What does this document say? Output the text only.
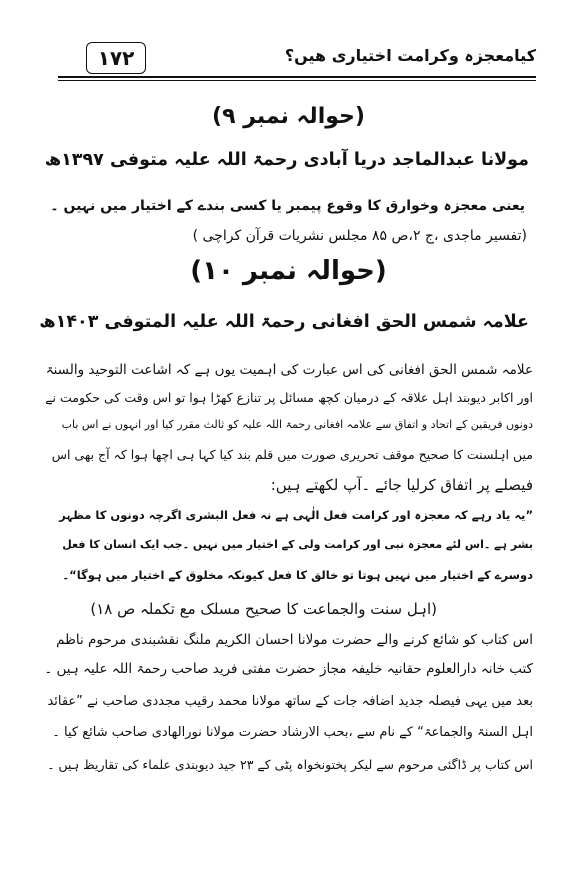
۱۷۲	کیامعجزہ وکرامت اختیاری ھیں؟
(حوالہ نمبر ۹)
مولانا عبدالماجد دریا آبادی رحمۃ اللہ علیہ متوفی ۱۳۹۷ھ
یعنی معجزہ وخوارق کا وقوع پیمبر یا کسی بندے کے اختیار میں نہیں ۔
(تفسیر ماجدی ،ج ۲،ص ۸۵ مجلس نشریات قرآن کراچی )
(حوالہ نمبر ۱۰)
علامہ شمس الحق افغانی رحمۃ اللہ علیہ المتوفی ۱۴۰۳ھ
علامہ شمس الحق افغانی کی اس عبارت کی اہمیت یوں ہے کہ اشاعت التوحید والسنۃ
اور اکابر دیوبند اہل علاقہ کے درمیان کچھ مسائل پر تنازع کھڑا ہوا تو اس وقت کی حکومت نے
دونوں فریقین کے اتحاد و اتفاق سے علامہ افغانی رحمۃ اللہ علیہ کو ثالث مقرر کیا اور انہوں نے اس باب
میں اہلسنت کا صحیح موقف تحریری صورت میں قلم بند کیا کہا ہی اچھا ہوا کہ آج بھی اس
فیصلے پر اتفاق کرلیا جائے ۔آپ لکھتے ہیں:
”یہ یاد رہے کہ معجزہ اور کرامت فعل الٰہی ہے نہ فعل البشری اگرچہ دونوں کا مظہر
بشر ہے ۔اس لئے معجزہ نبی اور کرامت ولی کے اختیار میں نہیں ۔جب ایک انسان کا فعل
دوسرے کے اختیار میں نہیں ہوتا تو خالق کا فعل کیونکہ مخلوق کے اختیار میں ہوگا“۔
(اہل سنت والجماعت کا صحیح مسلک مع تکملہ ص ۱۸)
اس کتاب کو شائع کرنے والے حضرت مولانا احسان الکریم ملنگ نقشبندی مرحوم ناظم
کتب خانہ دارالعلوم حقانیہ خلیفہ مجاز حضرت مفتی فرید صاحب رحمۃ اللہ علیہ ہیں ۔
بعد میں یہی فیصلہ جدید اضافہ جات کے ساتھ مولانا محمد رقیب مجددی صاحب نے ”عقائد
اہل السنۃ والجماعۃ“ کے نام سے ،بحب الارشاد حضرت مولانا نورالھادی صاحب شائع کیا ۔
اس کتاب پر ڈاگئی مرحوم سے لیکر پختونخواہ پٹی کے ۲۳ جید دیوبندی علماء کی تقاریظ ہیں ۔
